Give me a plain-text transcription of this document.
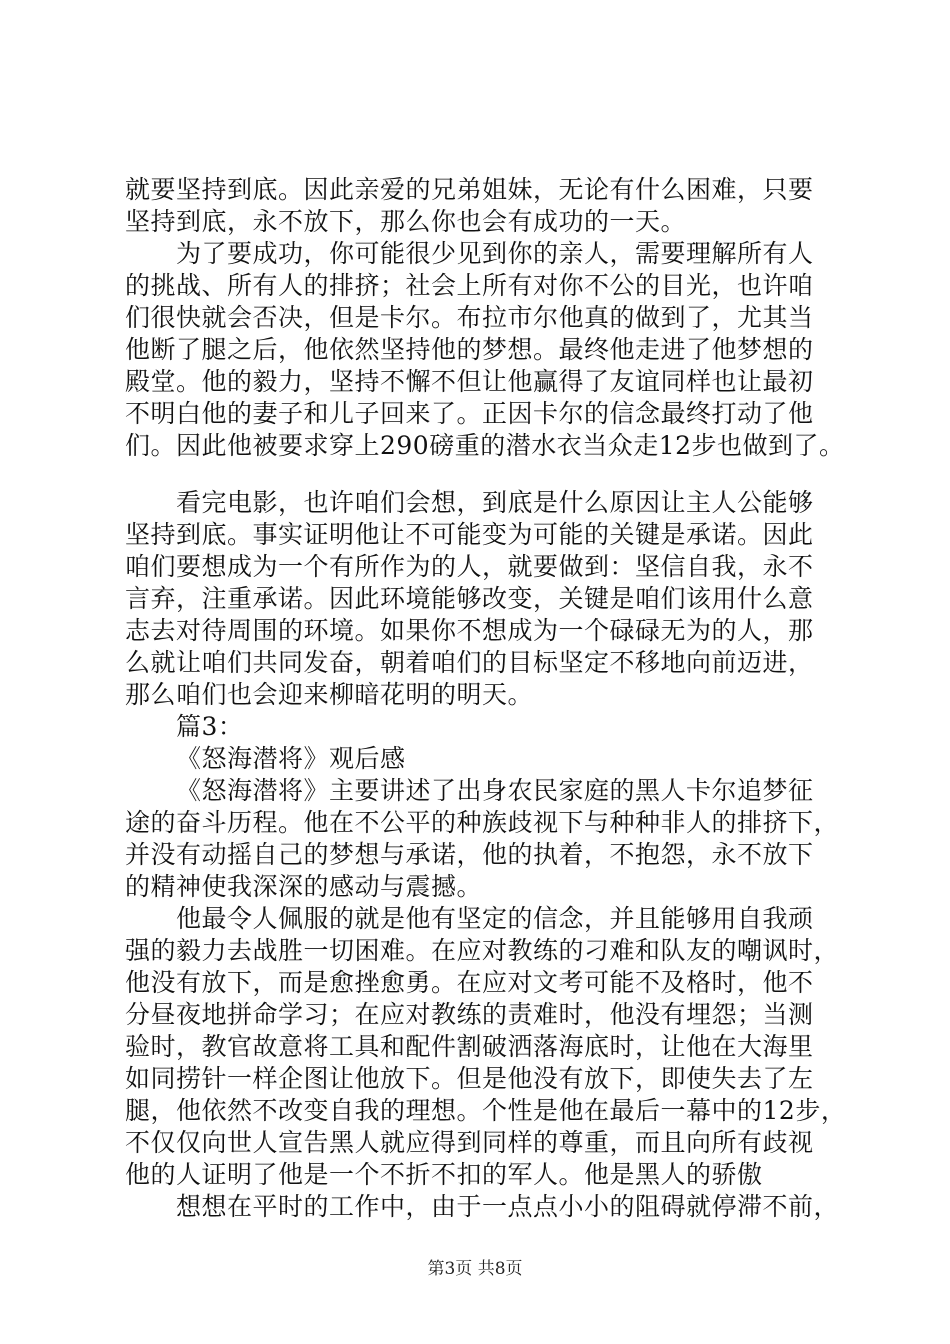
就要坚持到底。因此亲爱的兄弟姐妹，无论有什么困难，只要
坚持到底，永不放下，那么你也会有成功的一天。
为了要成功，你可能很少见到你的亲人，需要理解所有人
的挑战、所有人的排挤；社会上所有对你不公的目光，也许咱
们很快就会否决，但是卡尔。布拉市尔他真的做到了，尤其当
他断了腿之后，他依然坚持他的梦想。最终他走进了他梦想的
殿堂。他的毅力，坚持不懈不但让他赢得了友谊同样也让最初
不明白他的妻子和儿子回来了。正因卡尔的信念最终打动了他
们。因此他被要求穿上290磅重的潜水衣当众走12步也做到了。
看完电影，也许咱们会想，到底是什么原因让主人公能够
坚持到底。事实证明他让不可能变为可能的关键是承诺。因此
咱们要想成为一个有所作为的人，就要做到：坚信自我，永不
言弃，注重承诺。因此环境能够改变，关键是咱们该用什么意
志去对待周围的环境。如果你不想成为一个碌碌无为的人，那
么就让咱们共同发奋，朝着咱们的目标坚定不移地向前迈进，
那么咱们也会迎来柳暗花明的明天。
篇3：
《怒海潜将》观后感
《怒海潜将》主要讲述了出身农民家庭的黑人卡尔追梦征
途的奋斗历程。他在不公平的种族歧视下与种种非人的排挤下，
并没有动摇自己的梦想与承诺，他的执着，不抱怨，永不放下
的精神使我深深的感动与震撼。
他最令人佩服的就是他有坚定的信念，并且能够用自我顽
强的毅力去战胜一切困难。在应对教练的刁难和队友的嘲讽时，
他没有放下，而是愈挫愈勇。在应对文考可能不及格时，他不
分昼夜地拼命学习；在应对教练的责难时，他没有埋怨；当测
验时，教官故意将工具和配件割破洒落海底时，让他在大海里
如同捞针一样企图让他放下。但是他没有放下，即使失去了左
腿，他依然不改变自我的理想。个性是他在最后一幕中的12步，
不仅仅向世人宣告黑人就应得到同样的尊重，而且向所有歧视
他的人证明了他是一个不折不扣的军人。他是黑人的骄傲
想想在平时的工作中，由于一点点小小的阻碍就停滞不前，
第3页 共8页
